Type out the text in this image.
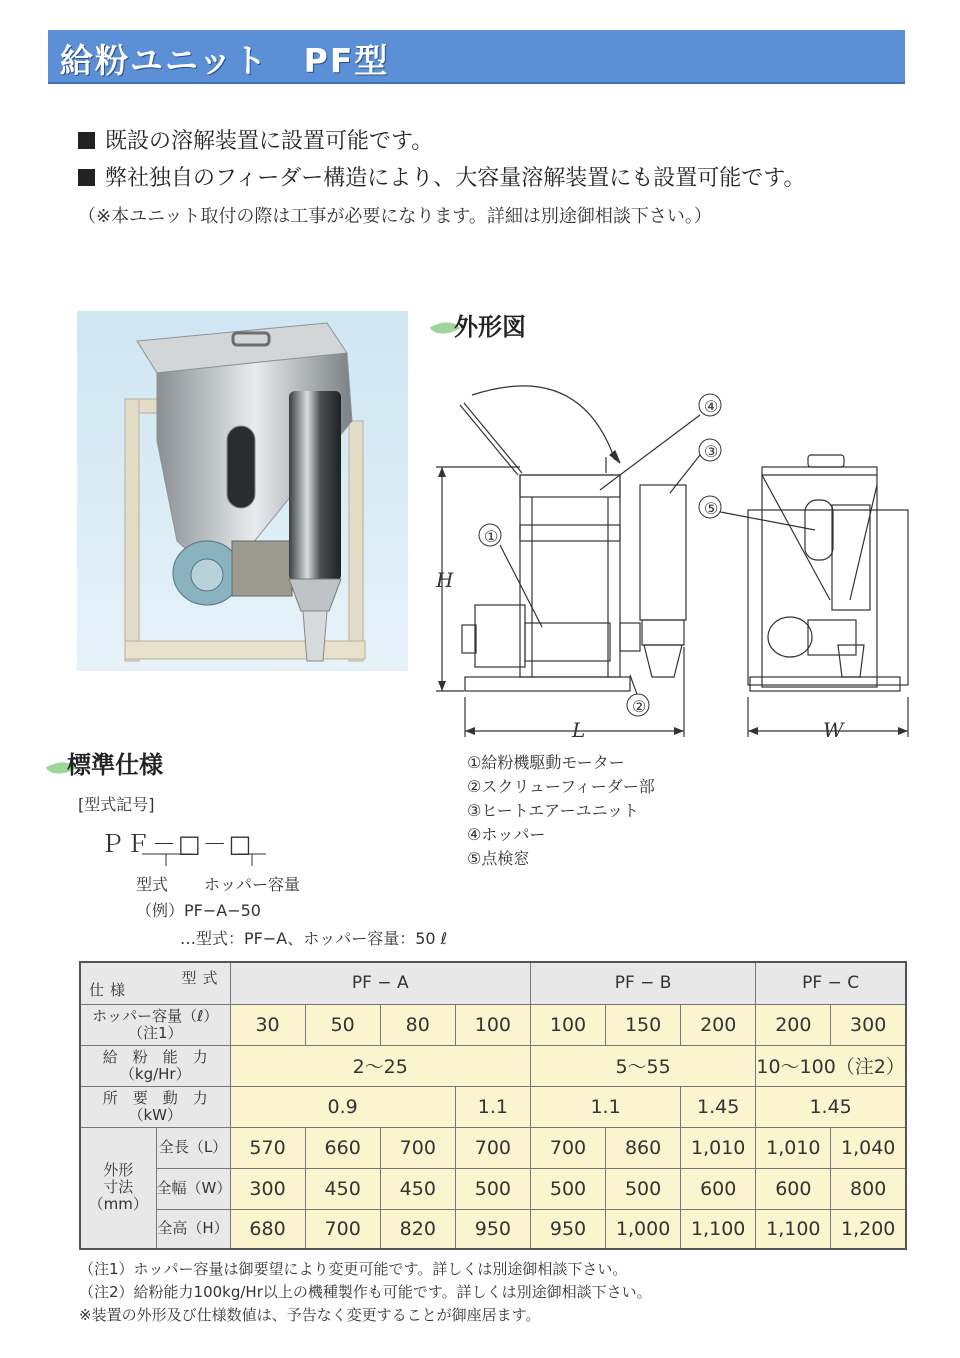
給粉ユニット　PF型
既設の溶解装置に設置可能です。
弊社独自のフィーダー構造により、大容量溶解装置にも設置可能です。
（※本ユニット取付の際は工事が必要になります。詳細は別途御相談下さい。）
外形図
①
④
③
⑤
②
H
L	W
①給粉機駆動モーター
②スクリューフィーダー部
③ヒートエアーユニット
④ホッパー
⑤点検窓
標準仕様
[型式記号]
ＰＦ－□－□
型式 ホッパー容量
（例）PF−A−50
…型式：PF−A、ホッパー容量：50 ℓ
型式
仕様		PF − A				PF − B			PF − C	

ホッパー容量（ℓ）
（注1）		30	50	80	100	100	150	200	200	300

給　粉　能　力
（kg/Hr）		2～25				5～55			10～100（注2）	

所　要　動　力
（kW）		0.9			1.1	1.1		1.45	1.45	

外形
寸法
（mm）	全長（L）	570	660	700	700	700	860	1,010	1,010	1,040
	全幅（W）	300	450	450	500	500	500	600	600	800
	全高（H）	680	700	820	950	950	1,000	1,100	1,100	1,200
（注1）ホッパー容量は御要望により変更可能です。詳しくは別途御相談下さい。
（注2）給粉能力100kg/Hr以上の機種製作も可能です。詳しくは別途御相談下さい。
※装置の外形及び仕様数値は、予告なく変更することが御座居ます。
